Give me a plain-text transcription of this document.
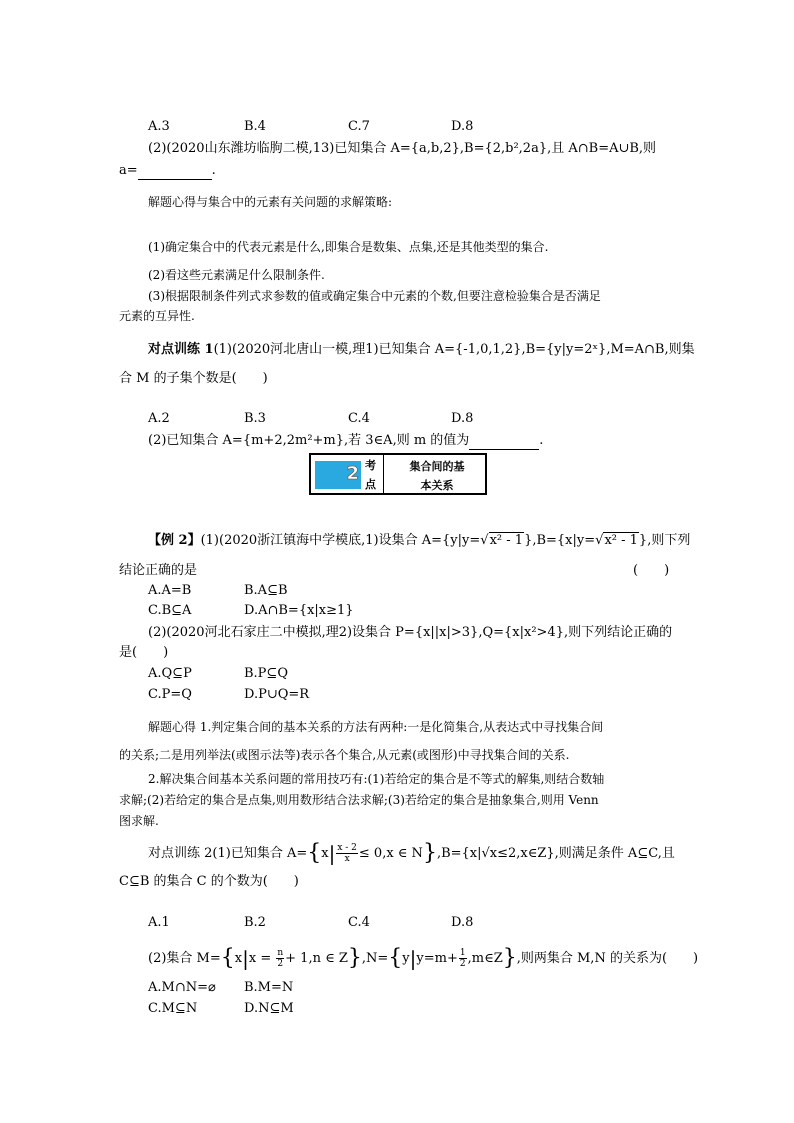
A.3	B.4	C.7	D.8
(2)(2020山东潍坊临朐二模,13)已知集合 A={a,b,2},B={2,b²,2a},且 A∩B=A∪B,则
a=	.
解题心得与集合中的元素有关问题的求解策略:
(1)确定集合中的代表元素是什么,即集合是数集、点集,还是其他类型的集合.
(2)看这些元素满足什么限制条件.
(3)根据限制条件列式求参数的值或确定集合中元素的个数,但要注意检验集合是否满足
元素的互异性.
对点训练 1(1)(2020河北唐山一模,理1)已知集合 A={-1,0,1,2},B={y|y=2ˣ},M=A∩B,则集
合 M 的子集个数是(　　)
A.2	B.3	C.4	D.8
(2)已知集合 A={m+2,2m²+m},若 3∈A,则 m 的值为	.
2 考
点
集合间的基
本关系
【例 2】(1)(2020浙江镇海中学模底,1)设集合 A={y|y=√x² - 1},B={x|y=√x² - 1},则下列
结论正确的是	(　　)
A.A=B	B.A⊆B
C.B⊆A	D.A∩B={x|x≥1}
(2)(2020河北石家庄二中模拟,理2)设集合 P={x||x|>3},Q={x|x²>4},则下列结论正确的
是(　　)
A.Q⊆P	B.P⊆Q
C.P=Q	D.P∪Q=R
解题心得 1.判定集合间的基本关系的方法有两种:一是化简集合,从表达式中寻找集合间
的关系;二是用列举法(或图示法等)表示各个集合,从元素(或图形)中寻找集合间的关系.
2.解决集合间基本关系问题的常用技巧有:(1)若给定的集合是不等式的解集,则结合数轴
求解;(2)若给定的集合是点集,则用数形结合法求解;(3)若给定的集合是抽象集合,则用 Venn
图求解.
对点训练 2(1)已知集合 $A=\{x| \frac{x - 2}{x} \le 0,x$ ∈ N},B={x|√x≤2,x∈Z},则满足条件 A⊆C,且
C⊆B 的集合 C 的个数为(　　)
A.1	B.2	C.4	D.8
(2)集合 $M=\{x|x = \frac{n}{2} + 1,n$ ∈ $Z\},N=\{y|y=m+ \frac{1}{2}$ ,m∈Z},则两集合 M,N 的关系为(　　)
A.M∩N=⌀ B.M=N
C.M⊆N	D.N⊆M
